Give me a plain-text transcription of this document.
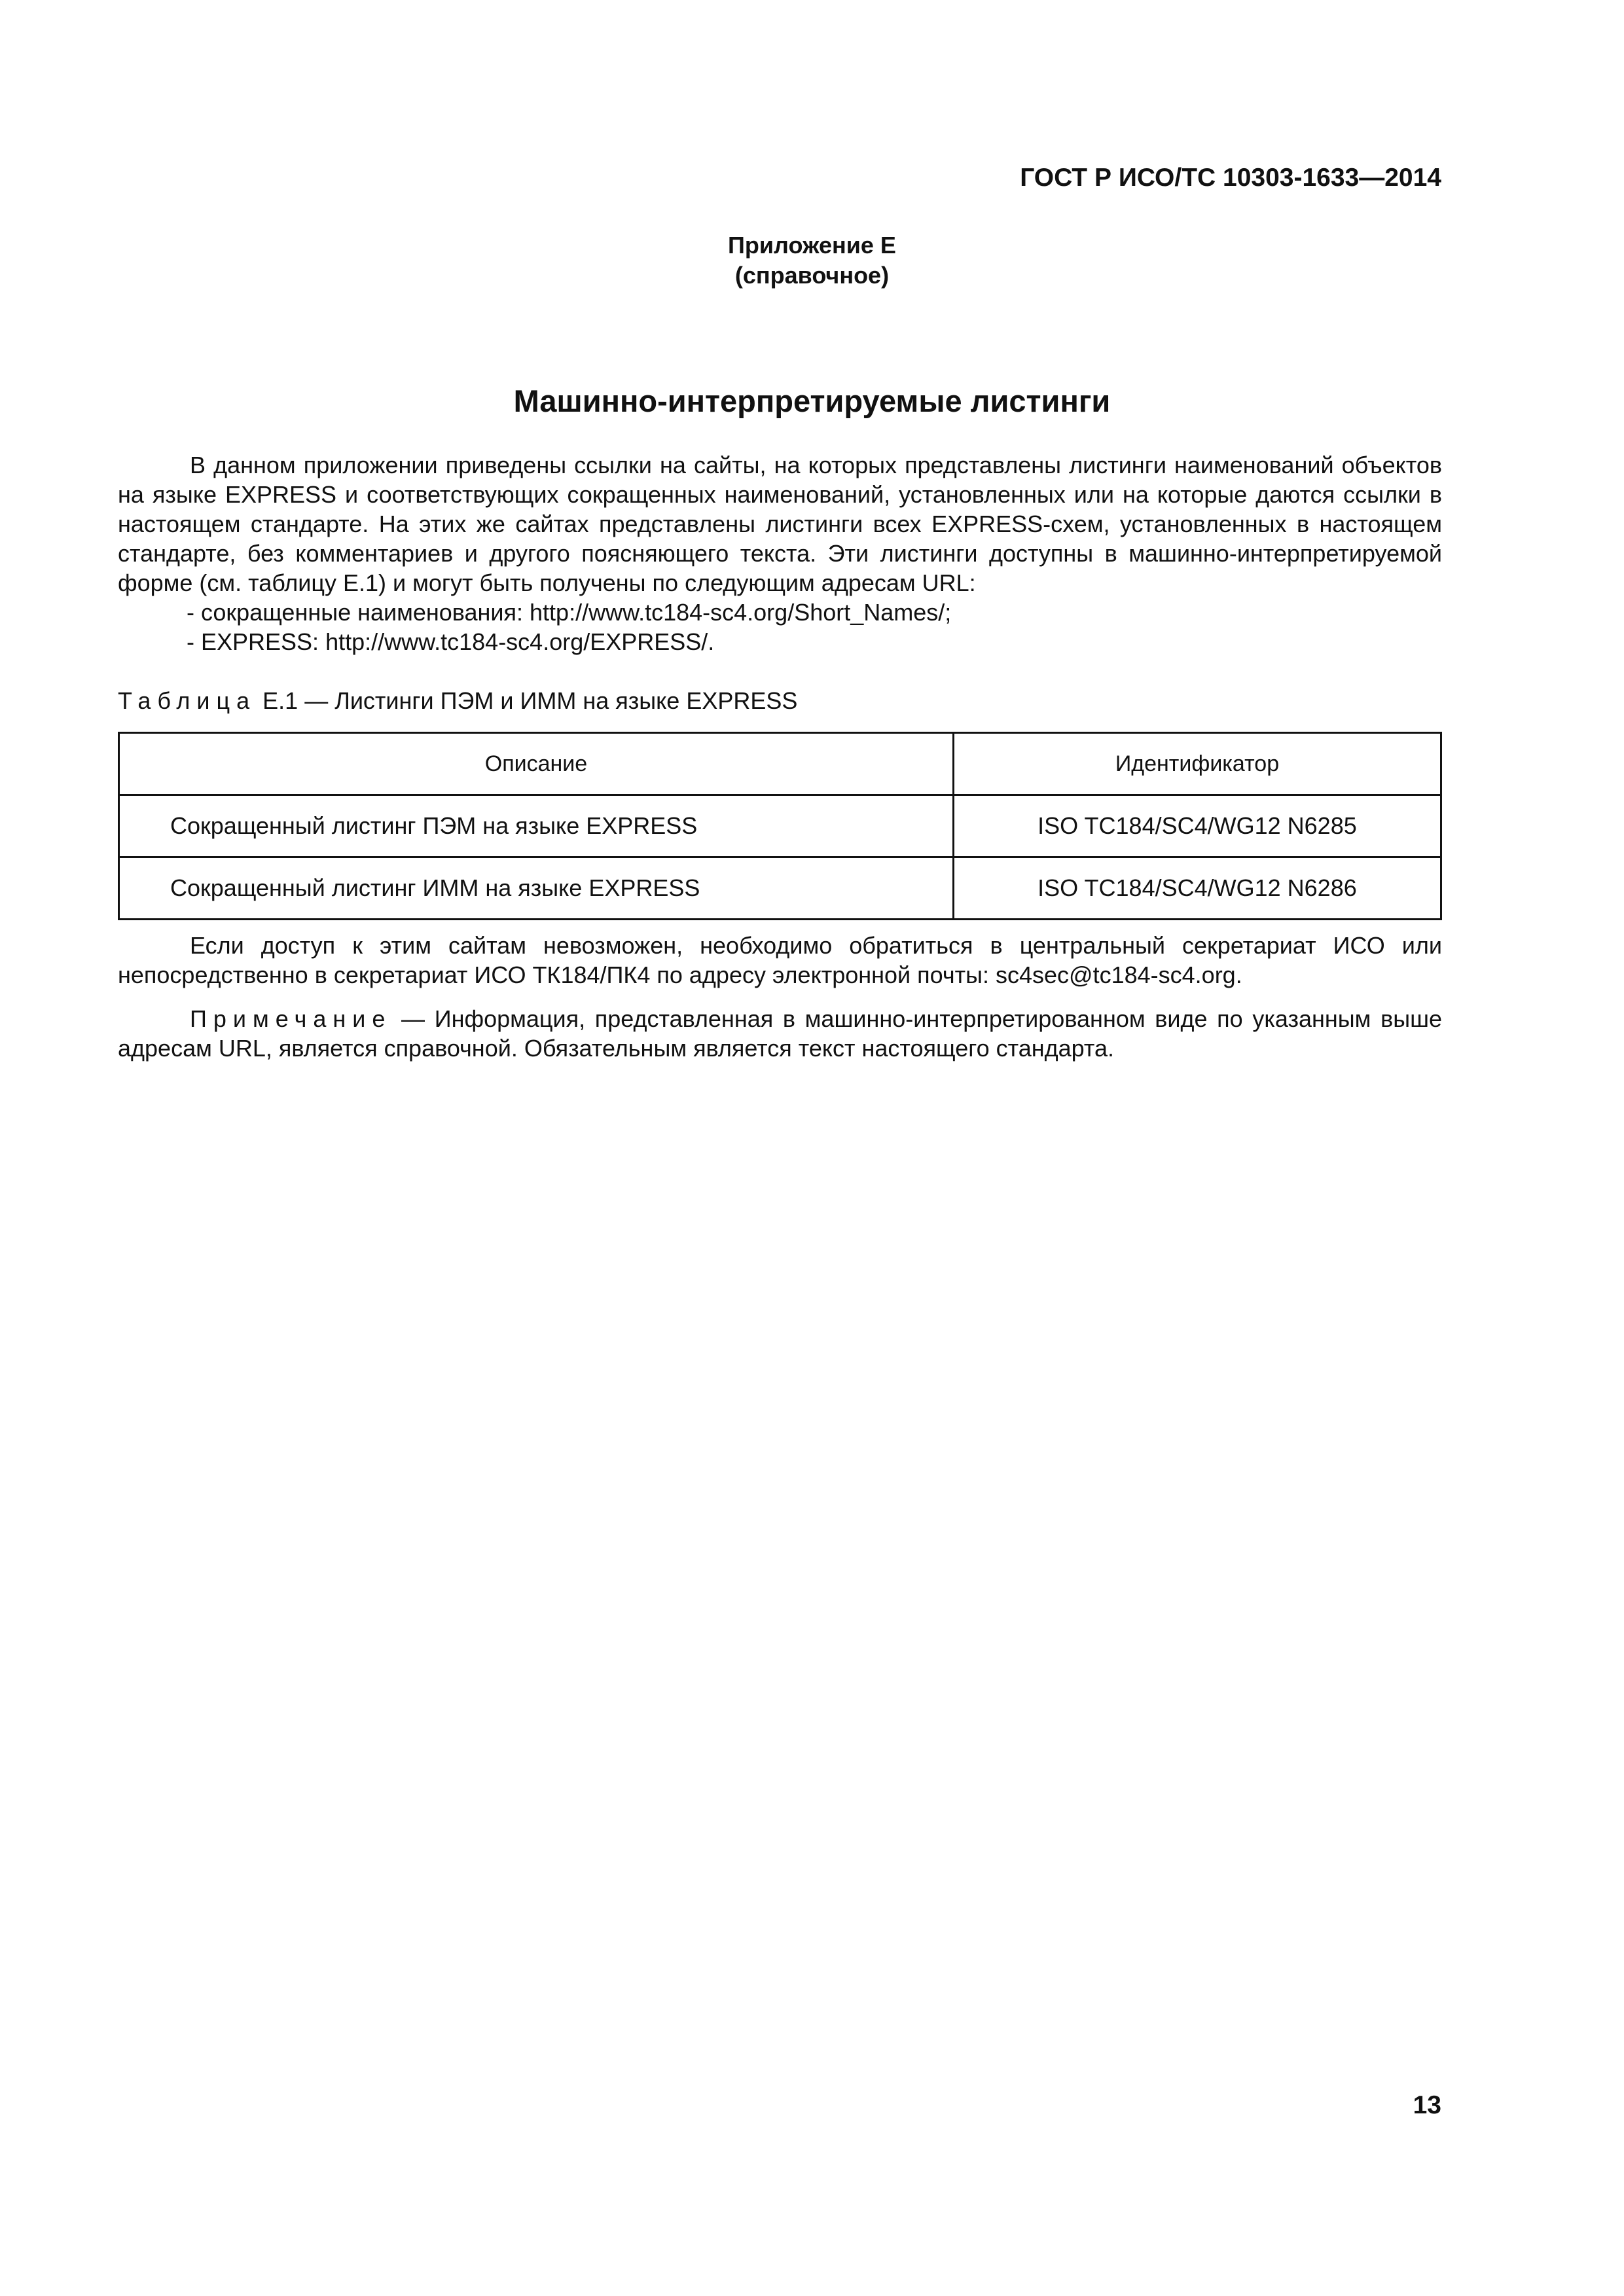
ГОСТ Р ИСО/ТС 10303-1633—2014
Приложение Е
(справочное)
Машинно-интерпретируемые листинги

В данном приложении приведены ссылки на сайты, на которых представлены листинги наименований объектов на языке EXPRESS и соответствующих сокращенных наименований, установленных или на которые даются ссылки в настоящем стандарте. На этих же сайтах представлены листинги всех EXPRESS-схем, установленных в настоящем стандарте, без комментариев и другого поясняющего текста. Эти листинги доступны в машинно-интерпретируемой форме (см. таблицу Е.1) и могут быть получены по следующим адресам URL:

- сокращенные наименования: http://www.tc184-sc4.org/Short_Names/;

- EXPRESS: http://www.tc184-sc4.org/EXPRESS/.

Таблица Е.1 — Листинги ПЭМ и ИММ на языке EXPRESS
Описание	Идентификатор
Сокращенный листинг ПЭМ на языке EXPRESS	ISO TC184/SC4/WG12 N6285
Сокращенный листинг ИММ на языке EXPRESS	ISO TC184/SC4/WG12 N6286

Если доступ к этим сайтам невозможен, необходимо обратиться в центральный секретариат ИСО или непосредственно в секретариат ИСО ТК184/ПК4 по адресу электронной почты: sc4sec@tc184-sc4.org.

Примечание — Информация, представленная в машинно-интерпретированном виде по указанным выше адресам URL, является справочной. Обязательным является текст настоящего стандарта.

13
